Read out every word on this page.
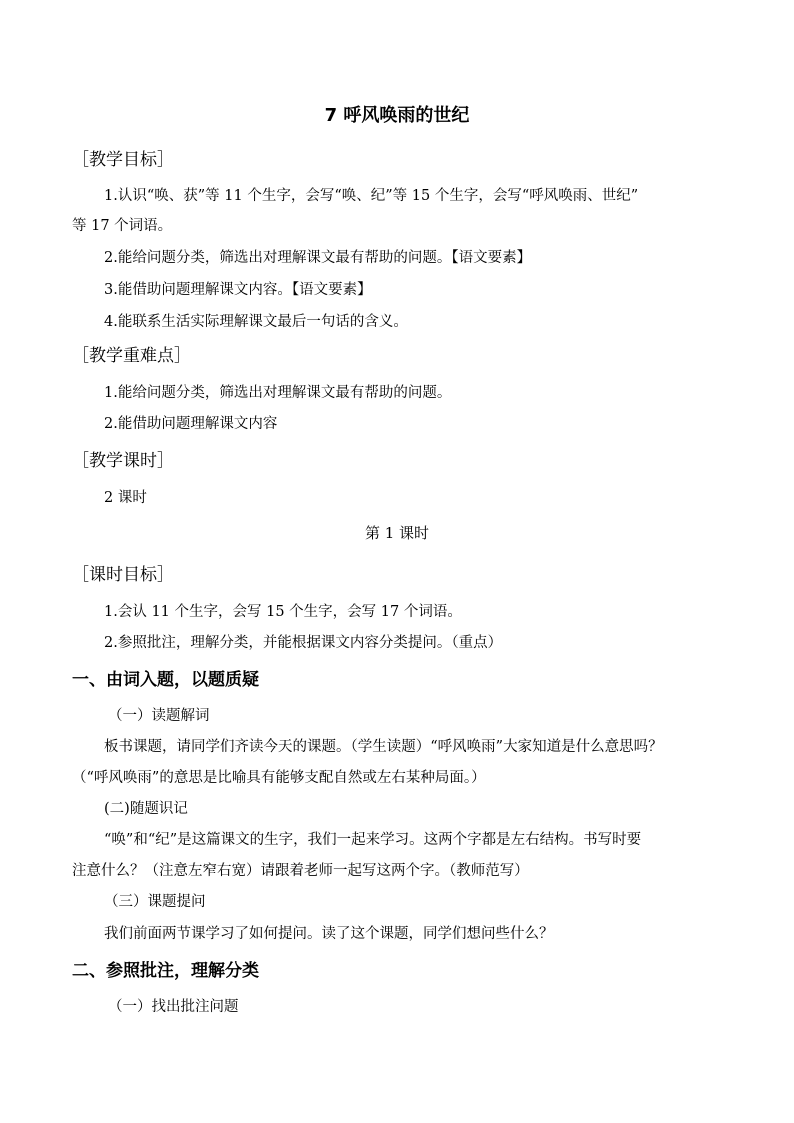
7 呼风唤雨的世纪
［教学目标］
1.认识“唤、获”等 11 个生字，会写“唤、纪”等 15 个生字，会写“呼风唤雨、世纪”
等 17 个词语。
2.能给问题分类，筛选出对理解课文最有帮助的问题。【语文要素】
3.能借助问题理解课文内容。【语文要素】
4.能联系生活实际理解课文最后一句话的含义。
［教学重难点］
1.能给问题分类，筛选出对理解课文最有帮助的问题。
2.能借助问题理解课文内容
［教学课时］
2 课时
第 1 课时
［课时目标］
1.会认 11 个生字，会写 15 个生字，会写 17 个词语。
2.参照批注，理解分类，并能根据课文内容分类提问。（重点）
一、由词入题，以题质疑
（一）读题解词
板书课题，请同学们齐读今天的课题。（学生读题）“呼风唤雨”大家知道是什么意思吗？
（“呼风唤雨”的意思是比喻具有能够支配自然或左右某种局面。）
(二)随题识记
“唤”和“纪”是这篇课文的生字，我们一起来学习。这两个字都是左右结构。书写时要
注意什么？（注意左窄右宽）请跟着老师一起写这两个字。（教师范写）
（三）课题提问
我们前面两节课学习了如何提问。读了这个课题，同学们想问些什么？
二、参照批注，理解分类
（一）找出批注问题
